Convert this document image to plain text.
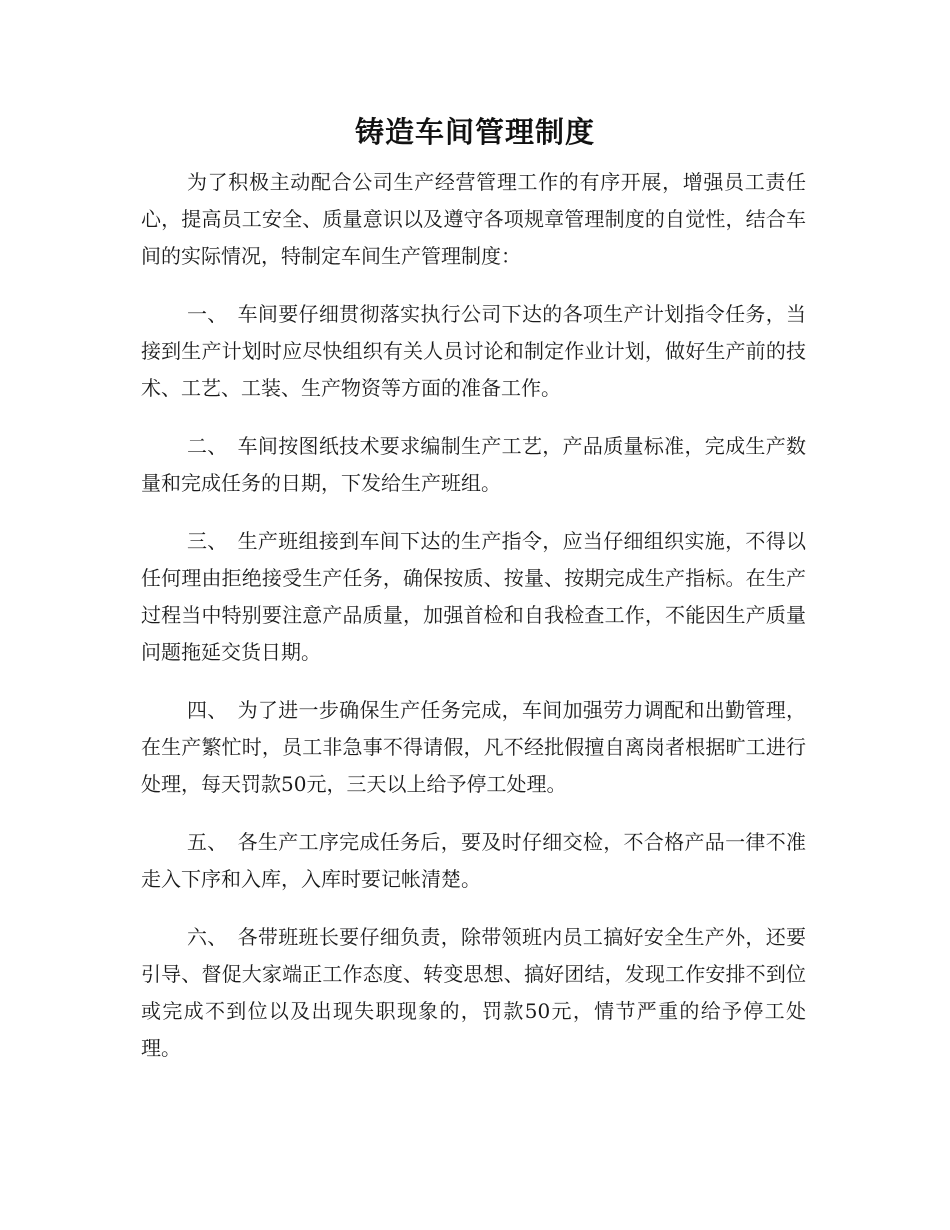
铸造车间管理制度

为了积极主动配合公司生产经营管理工作的有序开展，增强员工责任心，提高员工安全、质量意识以及遵守各项规章管理制度的自觉性，结合车间的实际情况，特制定车间生产管理制度：

一、 车间要仔细贯彻落实执行公司下达的各项生产计划指令任务，当接到生产计划时应尽快组织有关人员讨论和制定作业计划，做好生产前的技术、工艺、工装、生产物资等方面的准备工作。

二、 车间按图纸技术要求编制生产工艺，产品质量标准，完成生产数量和完成任务的日期，下发给生产班组。

三、 生产班组接到车间下达的生产指令，应当仔细组织实施，不得以任何理由拒绝接受生产任务，确保按质、按量、按期完成生产指标。在生产过程当中特别要注意产品质量，加强首检和自我检查工作，不能因生产质量问题拖延交货日期。

四、 为了进一步确保生产任务完成，车间加强劳力调配和出勤管理，在生产繁忙时，员工非急事不得请假，凡不经批假擅自离岗者根据旷工进行处理，每天罚款50元，三天以上给予停工处理。

五、 各生产工序完成任务后，要及时仔细交检，不合格产品一律不准走入下序和入库，入库时要记帐清楚。

六、 各带班班长要仔细负责，除带领班内员工搞好安全生产外，还要引导、督促大家端正工作态度、转变思想、搞好团结，发现工作安排不到位或完成不到位以及出现失职现象的，罚款50元，情节严重的给予停工处理。
